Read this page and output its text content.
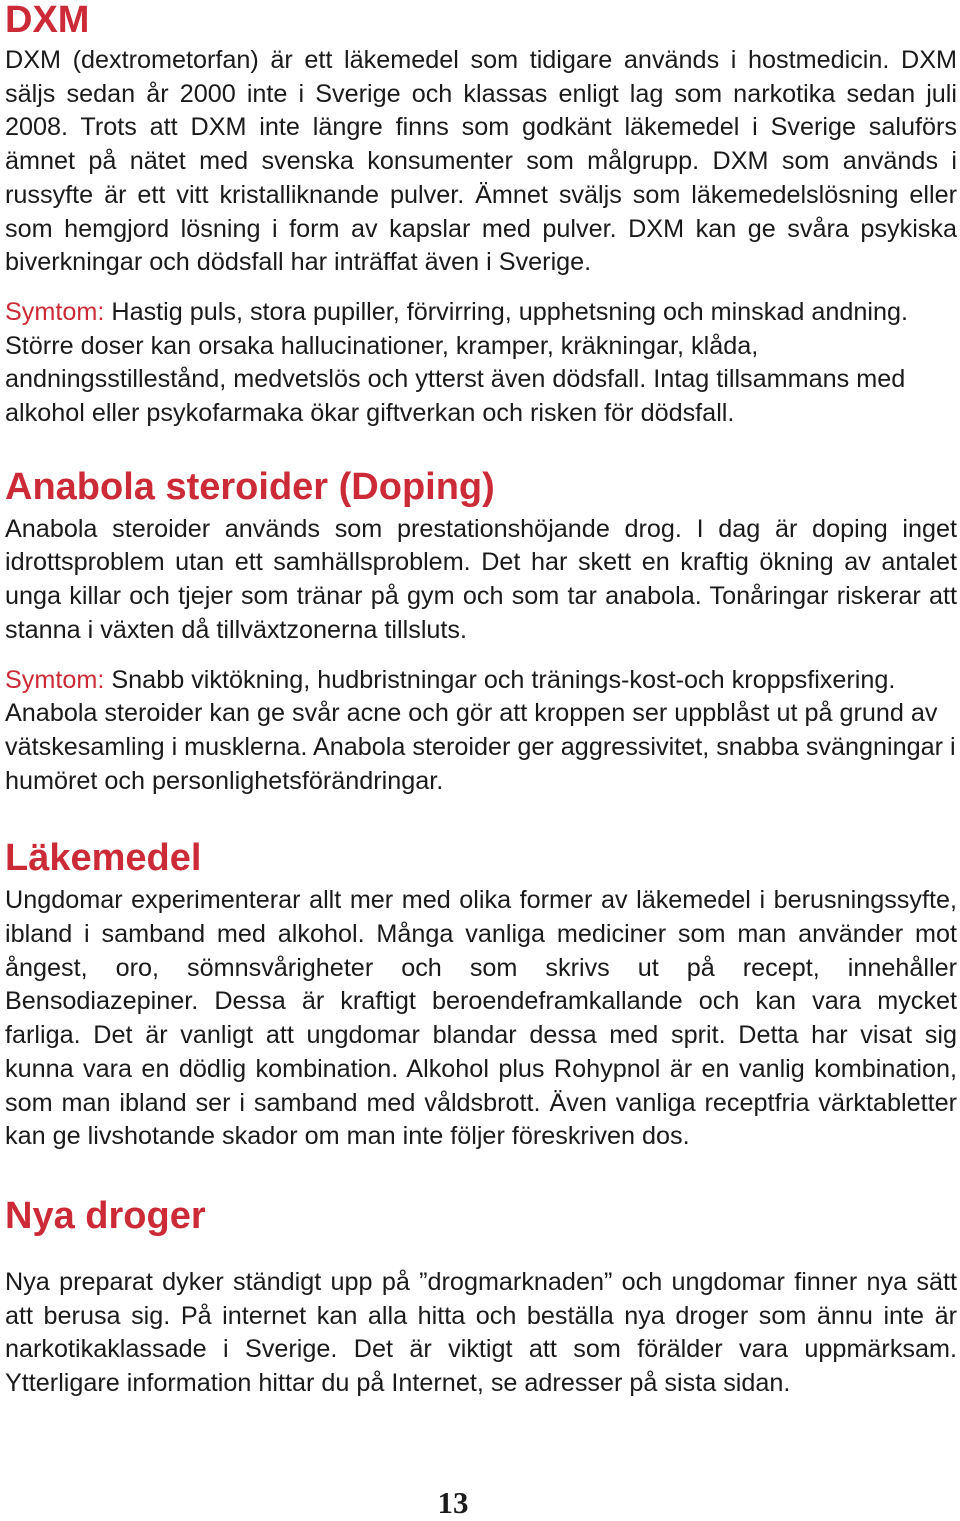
DXM

DXM (dextrometorfan) är ett läkemedel som tidigare används i hostmedicin. DXM säljs sedan år 2000 inte i Sverige och klassas enligt lag som narkotika sedan juli 2008. Trots att DXM inte längre finns som godkänt läkemedel i Sverige saluförs ämnet på nätet med svenska konsumenter som målgrupp. DXM som används i russyfte är ett vitt kristalliknande pulver. Ämnet sväljs som läkemedelslösning eller som hemgjord lösning i form av kapslar med pulver. DXM kan ge svåra psykiska biverkningar och dödsfall har inträffat även i Sverige.

Symtom: Hastig puls, stora pupiller, förvirring, upphetsning och minskad andning. Större doser kan orsaka hallucinationer, kramper, kräkningar, klåda, andningsstillestånd, medvetslös och ytterst även dödsfall. Intag tillsammans med alkohol eller psykofarmaka ökar giftverkan och risken för dödsfall.

Anabola steroider (Doping)

Anabola steroider används som prestationshöjande drog. I dag är doping inget idrottsproblem utan ett samhällsproblem. Det har skett en kraftig ökning av antalet unga killar och tjejer som tränar på gym och som tar anabola. Tonåringar riskerar att stanna i växten då tillväxtzonerna tillsluts.

Symtom: Snabb viktökning, hudbristningar och tränings-kost-och kroppsfixering. Anabola steroider kan ge svår acne och gör att kroppen ser uppblåst ut på grund av vätskesamling i musklerna. Anabola steroider ger aggressivitet, snabba svängningar i humöret och personlighetsförändringar.

Läkemedel

Ungdomar experimenterar allt mer med olika former av läkemedel i berusningssyfte, ibland i samband med alkohol. Många vanliga mediciner som man använder mot ångest, oro, sömnsvårigheter och som skrivs ut på recept, innehåller Bensodiazepiner. Dessa är kraftigt beroendeframkallande och kan vara mycket farliga. Det är vanligt att ungdomar blandar dessa med sprit. Detta har visat sig kunna vara en dödlig kombination. Alkohol plus Rohypnol är en vanlig kombination, som man ibland ser i samband med våldsbrott. Även vanliga receptfria värktabletter kan ge livshotande skador om man inte följer föreskriven dos.

Nya droger

Nya preparat dyker ständigt upp på ”drogmarknaden” och ungdomar finner nya sätt att berusa sig. På internet kan alla hitta och beställa nya droger som ännu inte är narkotikaklassade i Sverige. Det är viktigt att som förälder vara uppmärksam. Ytterligare information hittar du på Internet, se adresser på sista sidan.

13
